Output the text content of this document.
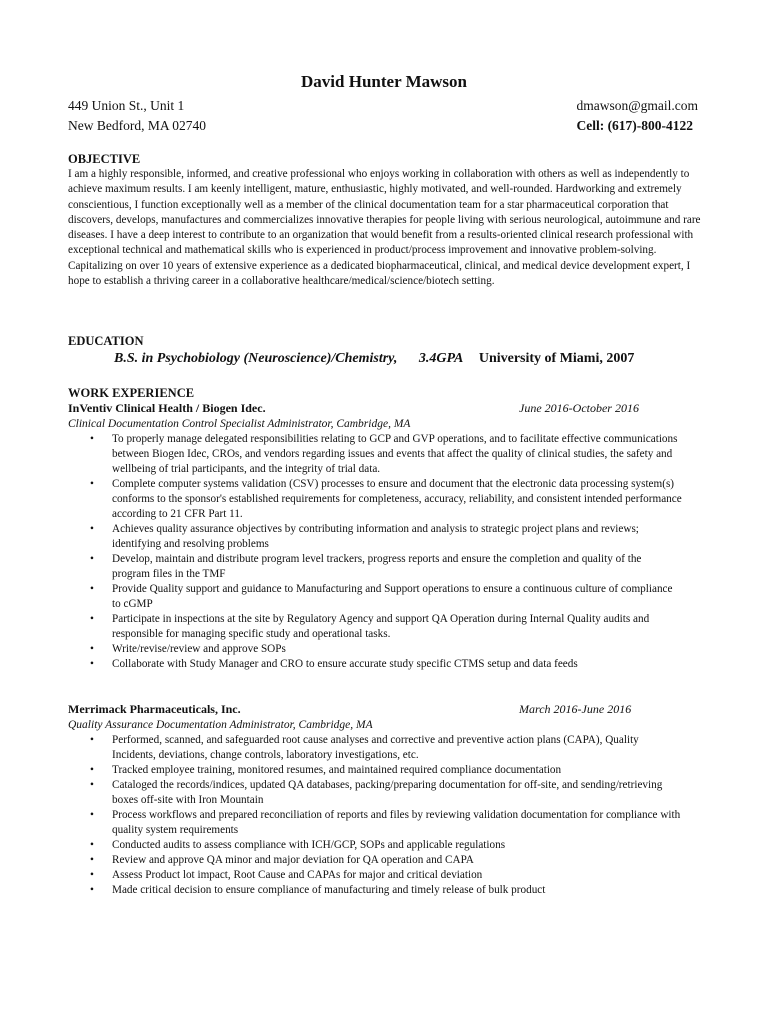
David Hunter Mawson
449 Union St., Unit 1
New Bedford, MA 02740
dmawson@gmail.com
Cell: (617)-800-4122
OBJECTIVE

I am a highly responsible, informed, and creative professional who enjoys working in collaboration with others as well as independently to achieve maximum results. I am keenly intelligent, mature, enthusiastic, highly motivated, and well-rounded. Hardworking and extremely conscientious, I function exceptionally well as a member of the clinical documentation team for a star pharmaceutical corporation that discovers, develops, manufactures and commercializes innovative therapies for people living with serious neurological, autoimmune and rare diseases. I have a deep interest to contribute to an organization that would benefit from a results-oriented clinical research professional with exceptional technical and mathematical skills who is experienced in product/process improvement and innovative problem-solving. Capitalizing on over 10 years of extensive experience as a dedicated biopharmaceutical, clinical, and medical device development expert, I hope to establish a thriving career in a collaborative healthcare/medical/science/biotech setting.

EDUCATION
B.S. in Psychobiology (Neuroscience)/Chemistry, 3.4GPA University of Miami, 2007
WORK EXPERIENCE
InVentiv Clinical Health / Biogen Idec.	June 2016-October 2016
Clinical Documentation Control Specialist Administrator, Cambridge, MA
• To properly manage delegated responsibilities relating to GCP and GVP operations, and to facilitate effective communications between Biogen Idec, CROs, and vendors regarding issues and events that affect the quality of clinical studies, the safety and wellbeing of trial participants, and the integrity of trial data.
• Complete computer systems validation (CSV) processes to ensure and document that the electronic data processing system(s) conforms to the sponsor's established requirements for completeness, accuracy, reliability, and consistent intended performance according to 21 CFR Part 11.
• Achieves quality assurance objectives by contributing information and analysis to strategic project plans and reviews; identifying and resolving problems
• Develop, maintain and distribute program level trackers, progress reports and ensure the completion and quality of the program files in the TMF
• Provide Quality support and guidance to Manufacturing and Support operations to ensure a continuous culture of compliance to cGMP
• Participate in inspections at the site by Regulatory Agency and support QA Operation during Internal Quality audits and responsible for managing specific study and operational tasks.
• Write/revise/review and approve SOPs
• Collaborate with Study Manager and CRO to ensure accurate study specific CTMS setup and data feeds
Merrimack Pharmaceuticals, Inc.	March 2016-June 2016
Quality Assurance Documentation Administrator, Cambridge, MA
• Performed, scanned, and safeguarded root cause analyses and corrective and preventive action plans (CAPA), Quality Incidents, deviations, change controls, laboratory investigations, etc.
• Tracked employee training, monitored resumes, and maintained required compliance documentation
• Cataloged the records/indices, updated QA databases, packing/preparing documentation for off-site, and sending/retrieving boxes off-site with Iron Mountain
• Process workflows and prepared reconciliation of reports and files by reviewing validation documentation for compliance with quality system requirements
• Conducted audits to assess compliance with ICH/GCP, SOPs and applicable regulations
• Review and approve QA minor and major deviation for QA operation and CAPA
• Assess Product lot impact, Root Cause and CAPAs for major and critical deviation
• Made critical decision to ensure compliance of manufacturing and timely release of bulk product
